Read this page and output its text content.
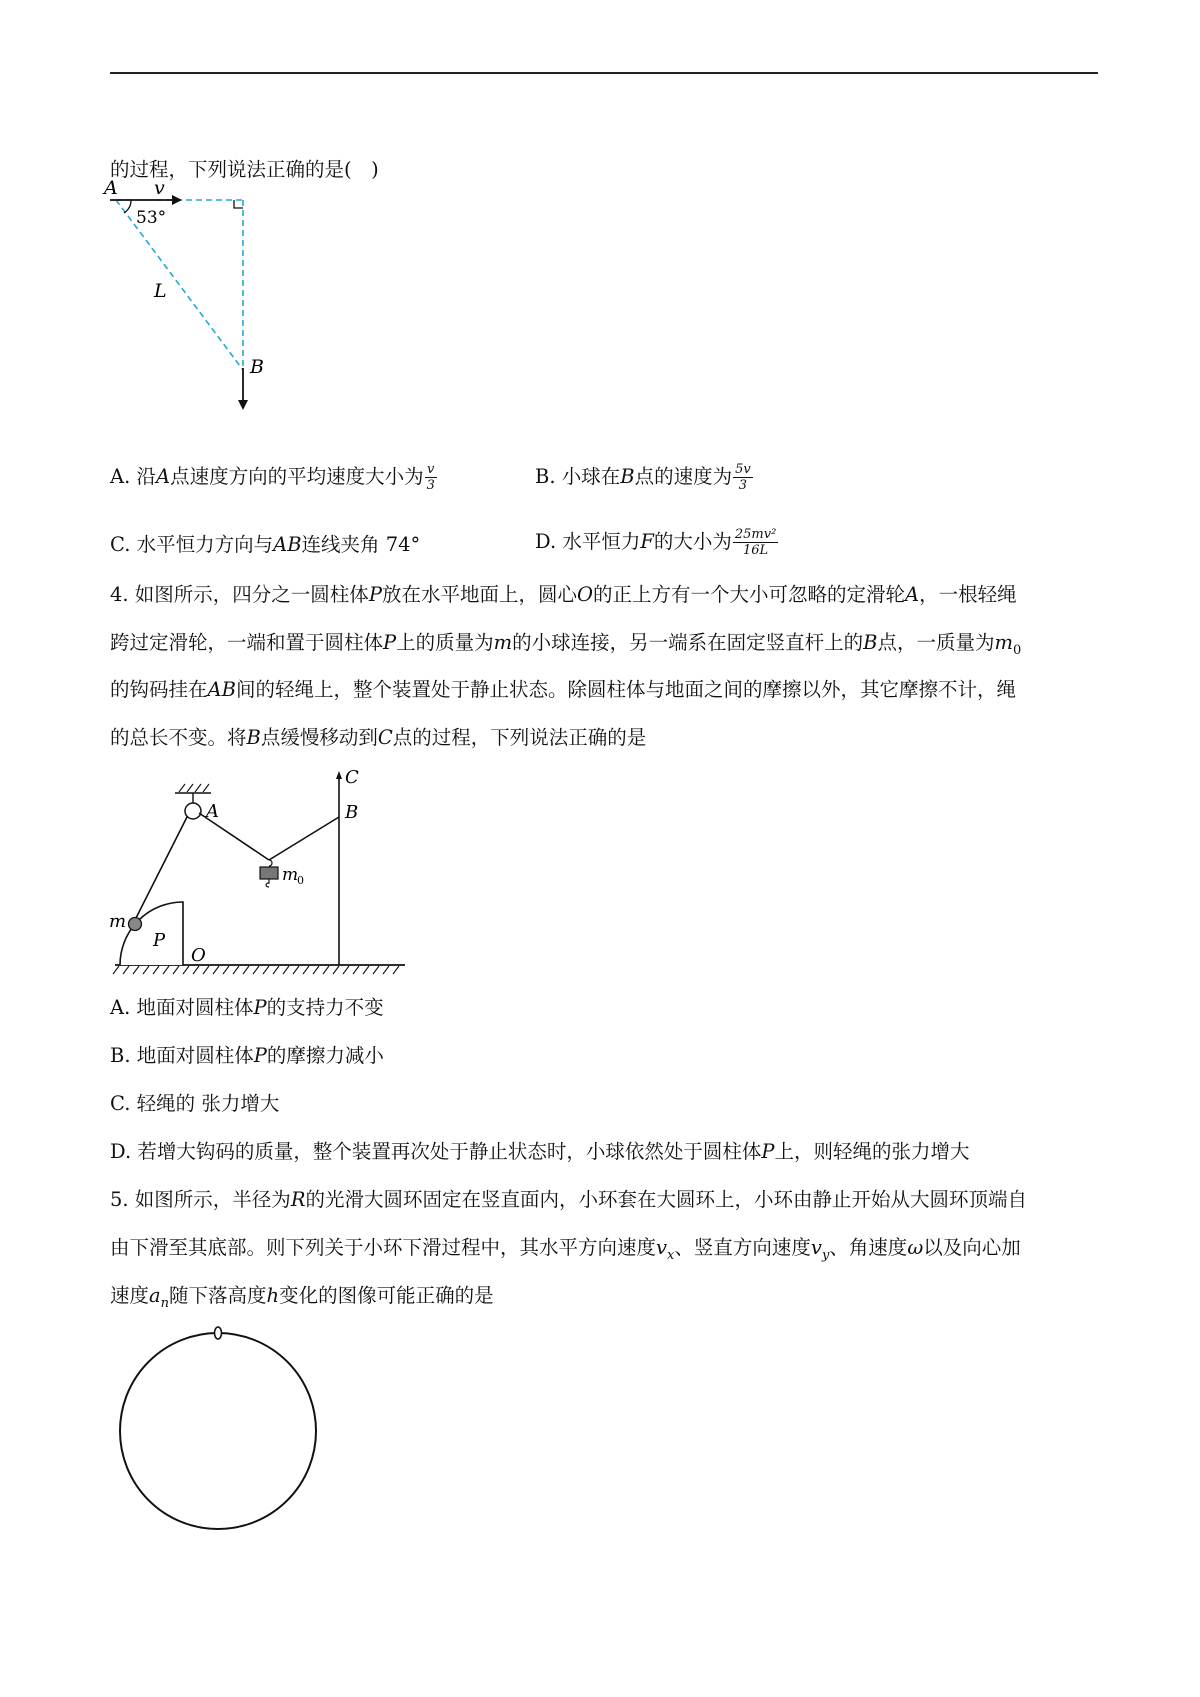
的过程，下列说法正确的是(　)
A v
53°
L
B
A. 沿A点速度方向的平均速度大小为 $\frac{v}{3}$	B. 小球在B点的速度为 $\frac{5v}{3}$
C. 水平恒力方向与AB连线夹角 74°	D. 水平恒力F的大小为 $\frac{\text{25mv²}}{16L}$
4. 如图所示，四分之一圆柱体P放在水平地面上，圆心O的正上方有一个大小可忽略的定滑轮A，一根轻绳
跨过定滑轮，一端和置于圆柱体P上的质量为m的小球连接，另一端系在固定竖直杆上的B点，一质量为$m_0$
的钩码挂在AB间的轻绳上，整个装置处于静止状态。除圆柱体与地面之间的摩擦以外，其它摩擦不计，绳
的总长不变。将B点缓慢移动到C点的过程，下列说法正确的是
C
B
A
m
0
m
P
O
A. 地面对圆柱体P的支持力不变
B. 地面对圆柱体P的摩擦力减小
C. 轻绳的 张力增大
D. 若增大钩码的质量，整个装置再次处于静止状态时，小球依然处于圆柱体P上，则轻绳的张力增大
5. 如图所示，半径为R的光滑大圆环固定在竖直面内，小环套在大圆环上，小环由静止开始从大圆环顶端自
由下滑至其底部。则下列关于小环下滑过程中，其水平方向速度$v_x$、竖直方向速度$v_y$、角速度ω以及向心加
速度$a_n$随下落高度h变化的图像可能正确的是
